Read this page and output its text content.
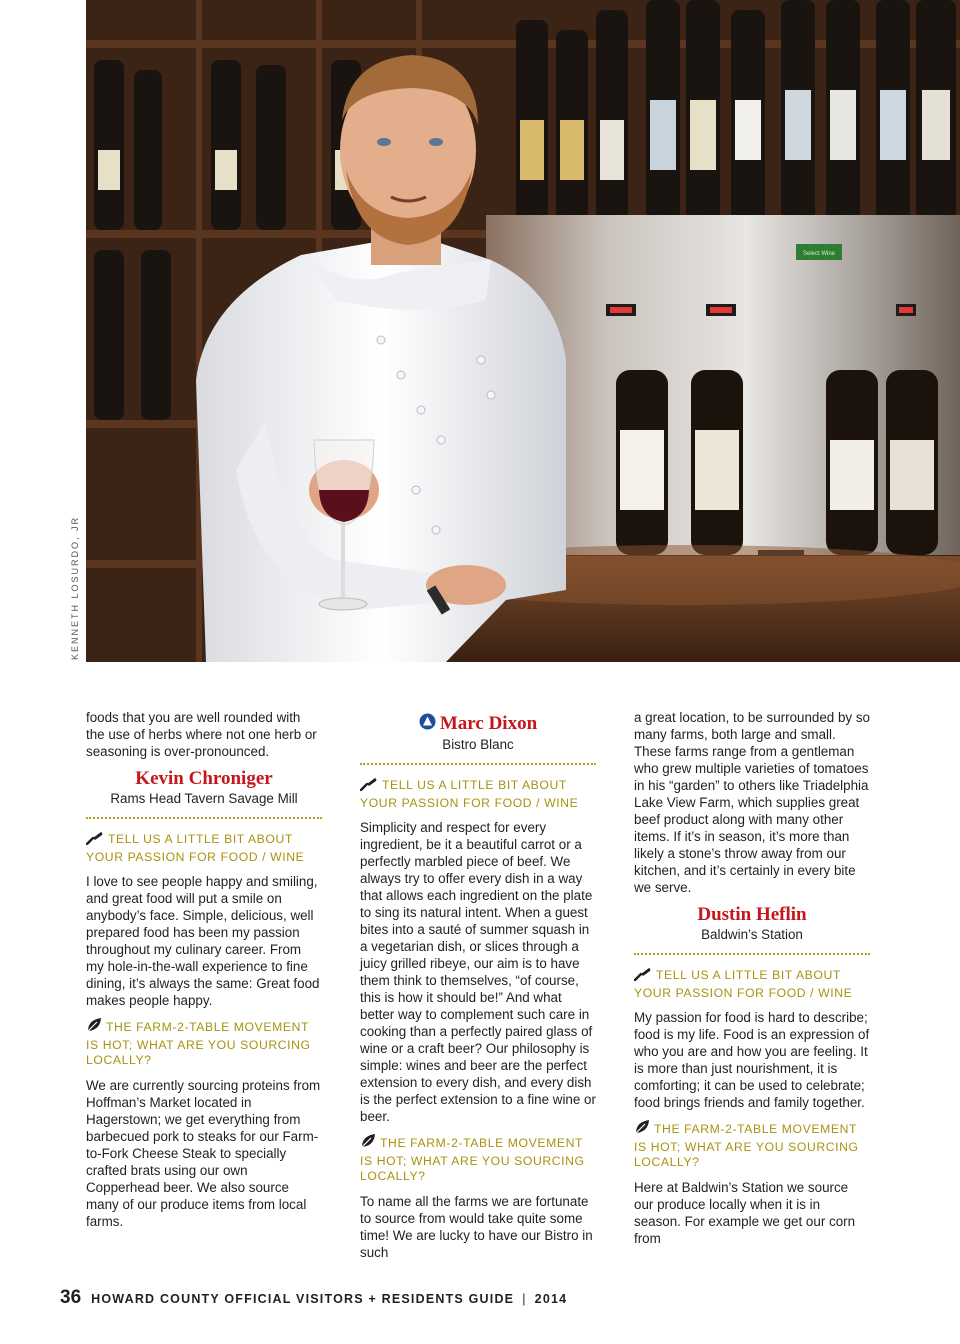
Select Wine
KENNETH LOSURDO, JR

foods that you are well rounded with the use of herbs where not one herb or seasoning is over-pronounced.

Kevin Chroniger
Rams Head Tavern Savage Mill
TELL US A LITTLE BIT ABOUT YOUR PASSION FOR FOOD / WINE

I love to see people happy and smiling, and great food will put a smile on anybody’s face. Simple, delicious, well prepared food has been my passion throughout my culinary career. From my hole-in-the-wall experience to fine dining, it’s always the same: Great food makes people happy.

THE FARM-2-TABLE MOVEMENT IS HOT; WHAT ARE YOU SOURCING LOCALLY?

We are currently sourcing proteins from Hoffman’s Market located in Hagerstown; we get everything from barbecued pork to steaks for our Farm-to-Fork Cheese Steak to specially crafted brats using our own Copperhead beer. We also source many of our produce items from local farms.

Marc Dixon
Bistro Blanc
TELL US A LITTLE BIT ABOUT YOUR PASSION FOR FOOD / WINE

Simplicity and respect for every ingredient, be it a beautiful carrot or a perfectly marbled piece of beef. We always try to offer every dish in a way that allows each ingredient on the plate to sing its natural intent. When a guest bites into a sauté of summer squash in a vegetarian dish, or slices through a juicy grilled ribeye, our aim is to have them think to themselves, “of course, this is how it should be!” And what better way to complement such care in cooking than a perfectly paired glass of wine or a craft beer? Our philosophy is simple: wines and beer are the perfect extension to every dish, and every dish is the perfect extension to a fine wine or beer.

THE FARM-2-TABLE MOVEMENT IS HOT; WHAT ARE YOU SOURCING LOCALLY?

To name all the farms we are fortunate to source from would take quite some time! We are lucky to have our Bistro in such

a great location, to be surrounded by so many farms, both large and small. These farms range from a gentleman who grew multiple varieties of tomatoes in his “garden” to others like Triadelphia Lake View Farm, which supplies great beef product along with many other items. If it’s in season, it’s more than likely a stone’s throw away from our kitchen, and it’s certainly in every bite we serve.

Dustin Heflin
Baldwin’s Station
TELL US A LITTLE BIT ABOUT YOUR PASSION FOR FOOD / WINE

My passion for food is hard to describe; food is my life. Food is an expression of who you are and how you are feeling. It is more than just nourishment, it is comforting; it can be used to celebrate; food brings friends and family together.

THE FARM-2-TABLE MOVEMENT IS HOT; WHAT ARE YOU SOURCING LOCALLY?

Here at Baldwin’s Station we source our produce locally when it is in season. For example we get our corn from

36 HOWARD COUNTY OFFICIAL VISITORS + RESIDENTS GUIDE | 2014
